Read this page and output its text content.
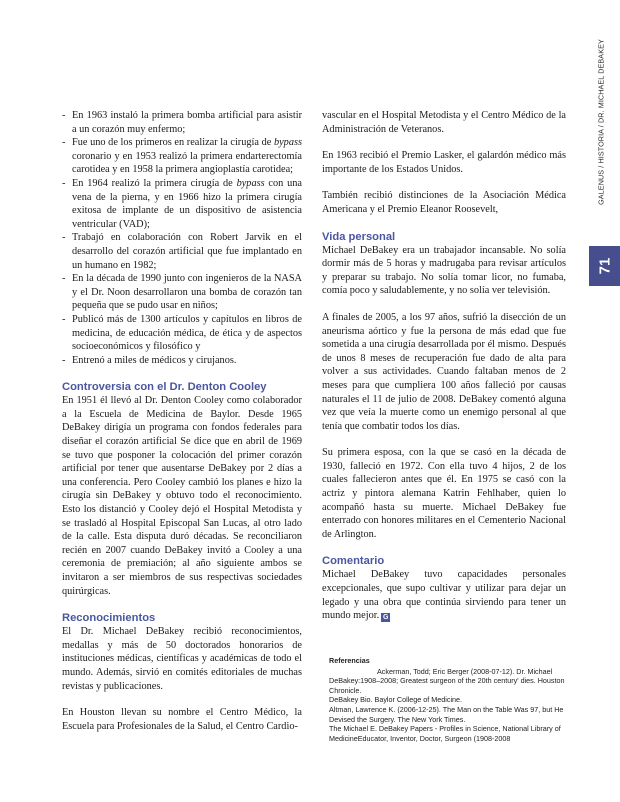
GALENUS / HISTORIA / DR. MICHAEL DEBAKEY
71
- En 1963 instaló la primera bomba artificial para asistir a un corazón muy enfermo;
- Fue uno de los primeros en realizar la cirugía de bypass coronario y en 1953 realizó la primera endarterectomía carotidea y en 1958 la primera angioplastía carotidea;
- En 1964 realizó la primera cirugía de bypass con una vena de la pierna, y en 1966 hizo la primera cirugía exitosa de implante de un dispositivo de asistencia ventricular (VAD);
- Trabajó en colaboración con Robert Jarvik en el desarrollo del corazón artificial que fue implantado en un humano en 1982;
- En la década de 1990 junto con ingenieros de la NASA y el Dr. Noon desarrollaron una bomba de corazón tan pequeña que se pudo usar en niños;
- Publicó más de 1300 artículos y capítulos en libros de medicina, de educación médica, de ética y de aspectos socioeconómicos y filosófico y
- Entrenó a miles de médicos y cirujanos.
Controversia con el Dr. Denton Cooley

En 1951 él llevó al Dr. Denton Cooley como colaborador a la Escuela de Medicina de Baylor. Desde 1965 DeBakey dirigía un programa con fondos federales para diseñar el corazón artificial Se dice que en abril de 1969 se tuvo que posponer la colocación del primer corazón artificial por tener que ausentarse DeBakey por 2 días a una conferencia. Pero Cooley cambió los planes e hizo la cirugía sin DeBakey y obtuvo todo el reconocimiento. Esto los distanció y Cooley dejó el Hospital Metodista y se trasladó al Hospital Episcopal San Lucas, al otro lado de la calle. Esta disputa duró décadas. Se reconciliaron recién en 2007 cuando DeBakey invitó a Cooley a una ceremonia de premiación; al año siguiente ambos se invitaron a ser miembros de sus respectivas sociedades quirúrgicas.

Reconocimientos

El Dr. Michael DeBakey recibió reconocimientos, medallas y más de 50 doctorados honorarios de instituciones médicas, científicas y académicas de todo el mundo. Además, sirvió en comités editoriales de muchas revistas y publicaciones.

En Houston llevan su nombre el Centro Médico, la Escuela para Profesionales de la Salud, el Centro Cardio-

vascular en el Hospital Metodista y el Centro Médico de la Administración de Veteranos.

En 1963 recibió el Premio Lasker, el galardón médico más importante de los Estados Unidos.

También recibió distinciones de la Asociación Médica Americana y el Premio Eleanor Roosevelt,

Vida personal

Michael DeBakey era un trabajador incansable. No solía dormir más de 5 horas y madrugaba para revisar artículos y preparar su trabajo. No solía tomar licor, no fumaba, comía poco y saludablemente, y no solía ver televisión.

A finales de 2005, a los 97 años, sufrió la disección de un aneurisma aórtico y fue la persona de más edad que fue sometida a una cirugía desarrollada por él mismo. Después de unos 8 meses de recuperación fue dado de alta para volver a sus actividades. Cuando faltaban menos de 2 meses para que cumpliera 100 años falleció por causas naturales el 11 de julio de 2008. DeBakey comentó alguna vez que veía la muerte como un enemigo personal al que tenía que combatir todos los días.

Su primera esposa, con la que se casó en la década de 1930, falleció en 1972. Con ella tuvo 4 hijos, 2 de los cuales fallecieron antes que él. En 1975 se casó con la actriz y pintora alemana Katrin Fehlhaber, quien lo acompañó hasta su muerte. Michael DeBakey fue enterrado con honores militares en el Cementerio Nacional de Arlington.

Comentario

Michael DeBakey tuvo capacidades personales excepcionales, que supo cultivar y utilizar para dejar un legado y una obra que continúa sirviendo para tener un mundo mejor. G

Referencias

Ackerman, Todd; Eric Berger (2008-07-12). Dr. Michael DeBakey:1908–2008; Greatest surgeon of the 20th century' dies. Houston Chronicle.

DeBakey Bio. Baylor College of Medicine.

Altman, Lawrence K. (2006-12-25). The Man on the Table Was 97, but He Devised the Surgery. The New York Times.

The Michael E. DeBakey Papers - Profiles in Science, National Library of MedicineEducator, Inventor, Doctor, Surgeon (1908-2008
